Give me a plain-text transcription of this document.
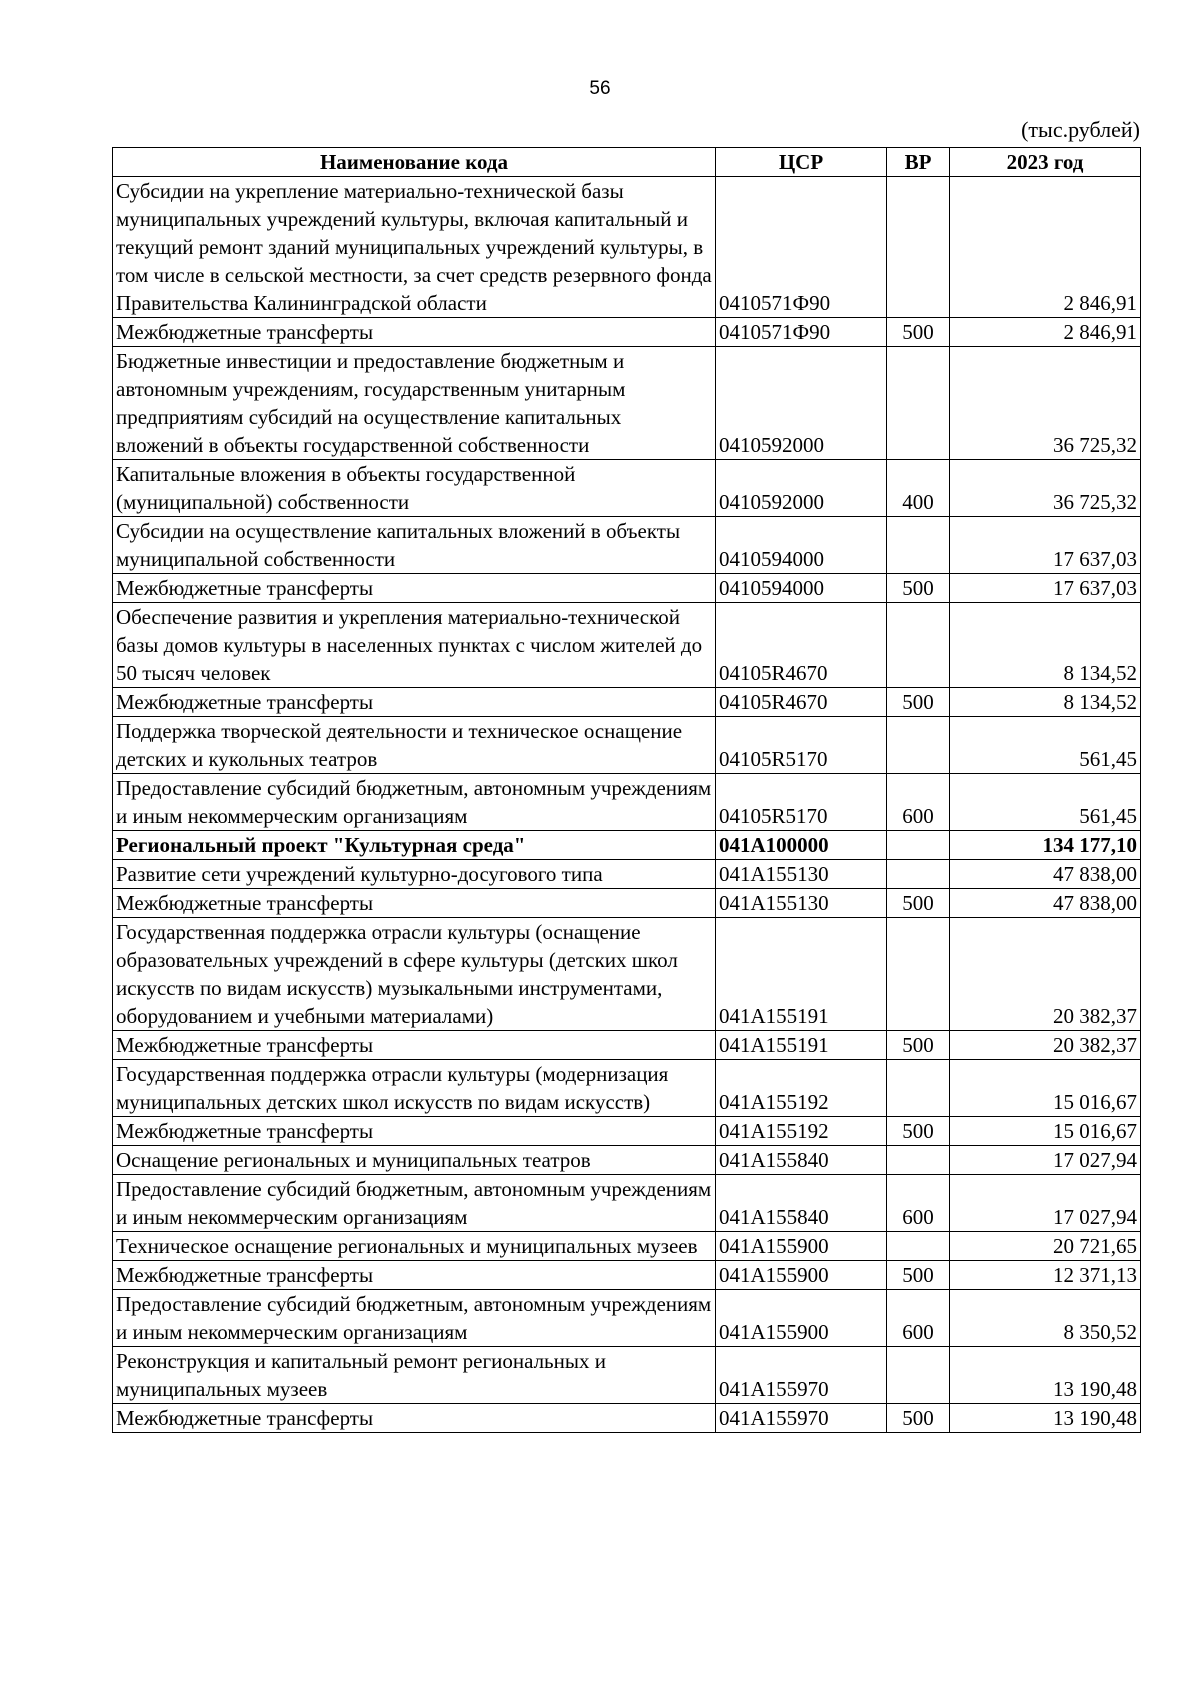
56
(тыс.рублей)
Наименование кода	ЦСР	ВР	2023 год
Субсидии на укрепление материально-технической базы муниципальных учреждений культуры, включая капитальный и текущий ремонт зданий муниципальных учреждений культуры, в том числе в сельской местности, за счет средств резервного фонда Правительства Калининградской области	0410571Ф90		2 846,91
Межбюджетные трансферты	0410571Ф90	500	2 846,91
Бюджетные инвестиции и предоставление бюджетным и автономным учреждениям, государственным унитарным предприятиям субсидий на осуществление капитальных вложений в объекты государственной собственности	0410592000		36 725,32
Капитальные вложения в объекты государственной (муниципальной) собственности	0410592000	400	36 725,32
Субсидии на осуществление капитальных вложений в объекты муниципальной собственности	0410594000		17 637,03
Межбюджетные трансферты	0410594000	500	17 637,03
Обеспечение развития и укрепления материально-технической базы домов культуры в населенных пунктах с числом жителей до 50 тысяч человек	04105R4670		8 134,52
Межбюджетные трансферты	04105R4670	500	8 134,52
Поддержка творческой деятельности и техническое оснащение детских и кукольных театров	04105R5170		561,45
Предоставление субсидий бюджетным, автономным учреждениям и иным некоммерческим организациям	04105R5170	600	561,45
Региональный проект "Культурная среда"	041А100000		134 177,10
Развитие сети учреждений культурно-досугового типа	041А155130		47 838,00
Межбюджетные трансферты	041А155130	500	47 838,00
Государственная поддержка отрасли культуры (оснащение образовательных учреждений в сфере культуры (детских школ искусств по видам искусств) музыкальными инструментами, оборудованием и учебными материалами)	041А155191		20 382,37
Межбюджетные трансферты	041А155191	500	20 382,37
Государственная поддержка отрасли культуры (модернизация муниципальных детских школ искусств по видам искусств)	041А155192		15 016,67
Межбюджетные трансферты	041А155192	500	15 016,67
Оснащение региональных и муниципальных театров	041А155840		17 027,94
Предоставление субсидий бюджетным, автономным учреждениям и иным некоммерческим организациям	041А155840	600	17 027,94
Техническое оснащение региональных и муниципальных музеев	041А155900		20 721,65
Межбюджетные трансферты	041А155900	500	12 371,13
Предоставление субсидий бюджетным, автономным учреждениям и иным некоммерческим организациям	041А155900	600	8 350,52
Реконструкция и капитальный ремонт региональных и муниципальных музеев	041А155970		13 190,48
Межбюджетные трансферты	041А155970	500	13 190,48
